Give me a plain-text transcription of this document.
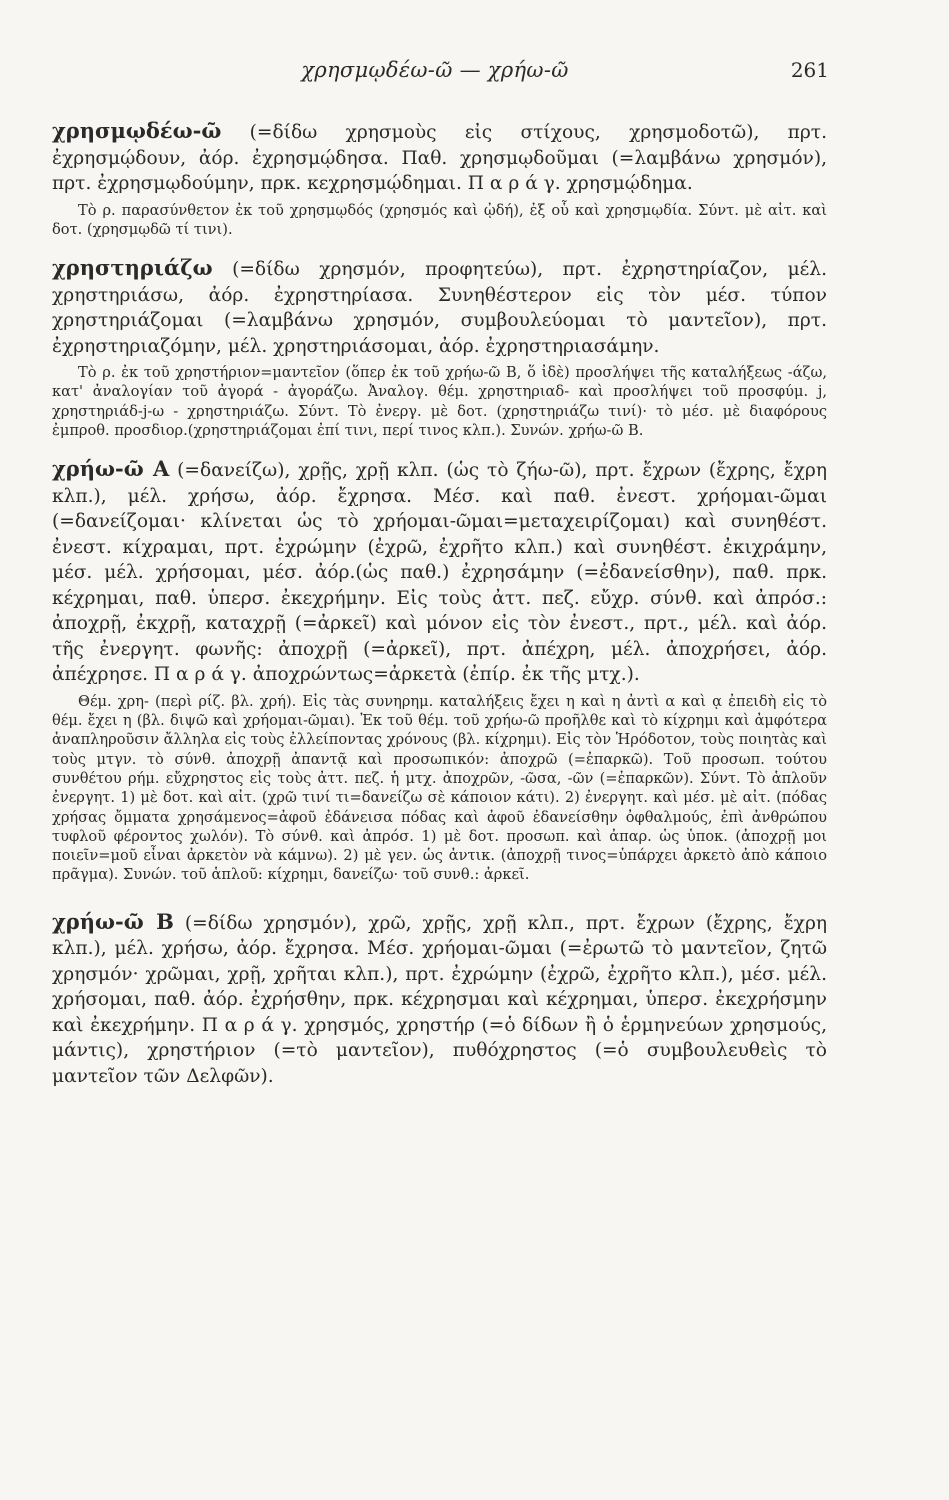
χρησμῳδέω-ῶ — χρήω-ῶ	261

χρησμῳδέω-ῶ (=δίδω χρησμοὺς εἰς στίχους, χρησμοδοτῶ), πρτ. ἐχρησμῴδουν, ἀόρ. ἐχρησμῴδησα. Παθ. χρησμῳδοῦμαι (=λαμβάνω χρησμόν), πρτ. ἐχρησμῳδούμην, πρκ. κεχρησμῴδημαι. Π α ρ ά γ. χρησμῴδημα.

Τὸ ρ. παρασύνθετον ἐκ τοῦ χρησμῳδός (χρησμός καὶ ᾠδή), ἐξ οὗ καὶ χρησμῳδία. Σύντ. μὲ αἰτ. καὶ δοτ. (χρησμῳδῶ τί τινι).

χρηστηριάζω (=δίδω χρησμόν, προφητεύω), πρτ. ἐχρηστηρίαζον, μέλ. χρηστηριάσω, ἀόρ. ἐχρηστηρίασα. Συνηθέστερον εἰς τὸν μέσ. τύπον χρηστηριάζομαι (=λαμβάνω χρησμόν, συμβουλεύομαι τὸ μαντεῖον), πρτ. ἐχρηστηριαζόμην, μέλ. χρηστηριάσομαι, ἀόρ. ἐχρηστηριασάμην.

Τὸ ρ. ἐκ τοῦ χρηστήριον=μαντεῖον (ὅπερ ἐκ τοῦ χρήω-ῶ Β, ὅ ἰδὲ) προσλήψει τῆς καταλήξεως -άζω, κατ' ἀναλογίαν τοῦ ἀγορά - ἀγοράζω. Ἀναλογ. θέμ. χρηστηριαδ- καὶ προσλήψει τοῦ προσφύμ. j, χρηστηριάδ-j-ω - χρηστηριάζω. Σύντ. Τὸ ἐνεργ. μὲ δοτ. (χρηστηριάζω τινί)· τὸ μέσ. μὲ διαφόρους ἐμπροθ. προσδιορ.(χρηστηριάζομαι ἐπί τινι, περί τινος κλπ.). Συνών. χρήω-ῶ Β.

χρήω-ῶ Α (=δανείζω), χρῇς, χρῇ κλπ. (ὡς τὸ ζήω-ῶ), πρτ. ἔχρων (ἔχρης, ἔχρη κλπ.), μέλ. χρήσω, ἀόρ. ἔχρησα. Μέσ. καὶ παθ. ἐνεστ. χρήομαι-ῶμαι (=δανείζομαι· κλίνεται ὡς τὸ χρήομαι-ῶμαι=μεταχειρίζομαι) καὶ συνηθέστ. ἐνεστ. κίχραμαι, πρτ. ἐχρώμην (ἐχρῶ, ἐχρῆτο κλπ.) καὶ συνηθέστ. ἐκιχράμην, μέσ. μέλ. χρήσομαι, μέσ. ἀόρ.(ὡς παθ.) ἐχρησάμην (=ἐδανείσθην), παθ. πρκ. κέχρημαι, παθ. ὑπερσ. ἐκεχρήμην. Εἰς τοὺς ἀττ. πεζ. εὔχρ. σύνθ. καὶ ἀπρόσ.: ἀποχρῇ, ἐκχρῇ, καταχρῇ (=ἀρκεῖ) καὶ μόνον εἰς τὸν ἐνεστ., πρτ., μέλ. καὶ ἀόρ. τῆς ἐνεργητ. φωνῆς: ἀποχρῇ (=ἀρκεῖ), πρτ. ἀπέχρη, μέλ. ἀποχρήσει, ἀόρ. ἀπέχρησε. Π α ρ ά γ. ἀποχρώντως=ἀρκετὰ (ἐπίρ. ἐκ τῆς μτχ.).

Θέμ. χρη- (περὶ ρίζ. βλ. χρή). Εἰς τὰς συνηρημ. καταλήξεις ἔχει η καὶ η ἀντὶ α καὶ ᾳ ἐπειδὴ εἰς τὸ θέμ. ἔχει η (βλ. διψῶ καὶ χρήομαι-ῶμαι). Ἐκ τοῦ θέμ. τοῦ χρήω-ῶ προῆλθε καὶ τὸ κίχρημι καὶ ἀμφότερα ἀναπληροῦσιν ἄλληλα εἰς τοὺς ἐλλείποντας χρόνους (βλ. κίχρημι). Εἰς τὸν Ἡρόδοτον, τοὺς ποιητὰς καὶ τοὺς μτγν. τὸ σύνθ. ἀποχρῇ ἀπαντᾷ καὶ προσωπικόν: ἀποχρῶ (=ἐπαρκῶ). Τοῦ προσωπ. τούτου συνθέτου ρήμ. εὔχρηστος εἰς τοὺς ἀττ. πεζ. ἡ μτχ. ἀποχρῶν, -ῶσα, -ῶν (=ἐπαρκῶν). Σύντ. Τὸ ἁπλοῦν ἐνεργητ. 1) μὲ δοτ. καὶ αἰτ. (χρῶ τινί τι=δανείζω σὲ κάποιον κάτι). 2) ἐνεργητ. καὶ μέσ. μὲ αἰτ. (πόδας χρήσας ὄμματα χρησάμενος=ἀφοῦ ἐδάνεισα πόδας καὶ ἀφοῦ ἐδανείσθην ὀφθαλμούς, ἐπὶ ἀνθρώπου τυφλοῦ φέροντος χωλόν). Τὸ σύνθ. καὶ ἀπρόσ. 1) μὲ δοτ. προσωπ. καὶ ἀπαρ. ὡς ὑποκ. (ἀποχρῇ μοι ποιεῖν=μοῦ εἶναι ἀρκετὸν νὰ κάμνω). 2) μὲ γεν. ὡς ἀντικ. (ἀποχρῇ τινος=ὑπάρχει ἀρκετὸ ἀπὸ κάποιο πρᾶγμα). Συνών. τοῦ ἁπλοῦ: κίχρημι, δανείζω· τοῦ συνθ.: ἀρκεῖ.

χρήω-ῶ Β (=δίδω χρησμόν), χρῶ, χρῇς, χρῇ κλπ., πρτ. ἔχρων (ἔχρης, ἔχρη κλπ.), μέλ. χρήσω, ἀόρ. ἔχρησα. Μέσ. χρήομαι-ῶμαι (=ἐρωτῶ τὸ μαντεῖον, ζητῶ χρησμόν· χρῶμαι, χρῇ, χρῆται κλπ.), πρτ. ἐχρώμην (ἐχρῶ, ἐχρῆτο κλπ.), μέσ. μέλ. χρήσομαι, παθ. ἀόρ. ἐχρήσθην, πρκ. κέχρησμαι καὶ κέχρημαι, ὑπερσ. ἐκεχρήσμην καὶ ἐκεχρήμην. Π α ρ ά γ. χρησμός, χρηστήρ (=ὁ δίδων ἢ ὁ ἑρμηνεύων χρησμούς, μάντις), χρηστήριον (=τὸ μαντεῖον), πυθόχρηστος (=ὁ συμβουλευθεὶς τὸ μαντεῖον τῶν Δελφῶν).
